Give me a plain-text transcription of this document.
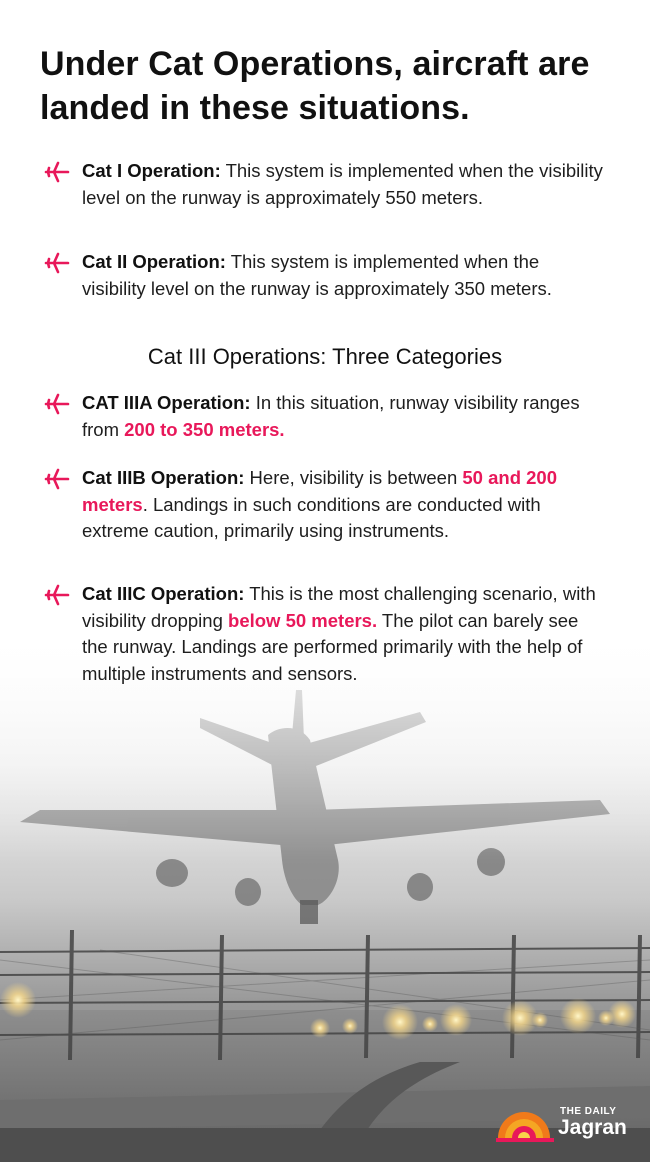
Under Cat Operations, aircraft are landed in these situations.
Cat I Operation: This system is implemented when the visibility level on the runway is approximately 550 meters.
Cat II Operation: This system is implemented when the visibility level on the runway is approximately 350 meters.
Cat III Operations: Three Categories
CAT IIIA Operation: In this situation, runway visibility ranges from 200 to 350 meters.
Cat IIIB Operation: Here, visibility is between 50 and 200 meters. Landings in such conditions are conducted with extreme caution, primarily using instruments.
Cat IIIC Operation: This is the most challenging scenario, with visibility dropping below 50 meters. The pilot can barely see the runway. Landings are performed primarily with the help of multiple instruments and sensors.
THE DAILY
Jagran
